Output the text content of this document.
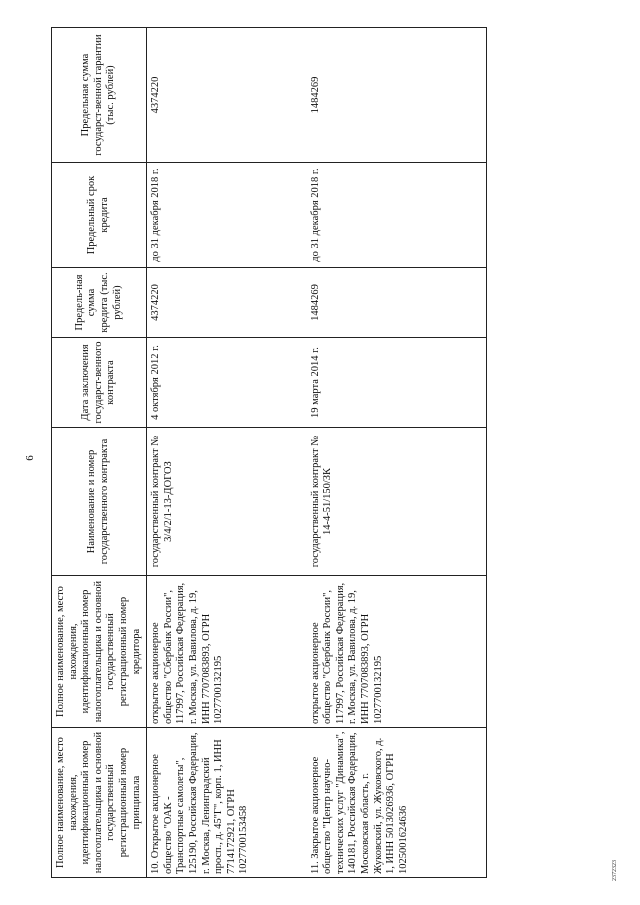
6
Полное наименование, место нахождения, идентификационный номер налогоплательщика и основной государственный регистрационный номер принципала	Полное наименование, место нахождения, идентификационный номер налогоплательщика и основной государственный регистрационный номер кредитора	Наименование и номер государственного контракта	Дата заключения государст-венного контракта	Предель-ная сумма кредита (тыс. рублей)	Предельный срок кредита	Предельная сумма государст-венной гарантии (тыс. рублей)
10. Открытое акционерное общество "ОАК - Транспортные самолеты", 125190, Российская Федерация, г. Москва, Ленинградский просп., д. 45"Г", корп. 1, ИНН 7714172921, ОГРН 1027700153458	открытое акционерное общество "Сбербанк России", 117997, Российская Федерация, г. Москва, ул. Вавилова, д. 19, ИНН 7707083893, ОГРН 1027700132195	государственный контракт № 3/4/2/1-13-ДОГОЗ	4 октября 2012 г.	4374220	до 31 декабря 2018 г.	4374220
11. Закрытое акционерное общество "Центр научно-технических услуг "Динамика", 140181, Российская Федерация, Московская область, г. Жуковский, ул. Жуковского, д. 1, ИНН 5013026936, ОГРН 1025001624636	открытое акционерное общество "Сбербанк России", 117997, Российская Федерация, г. Москва, ул. Вавилова, д. 19, ИНН 7707083893, ОГРН 1027700132195	государственный контракт № 14-4-51/150/ЗК	19 марта 2014 г.	1484269	до 31 декабря 2018 г.	1484269
2372323
